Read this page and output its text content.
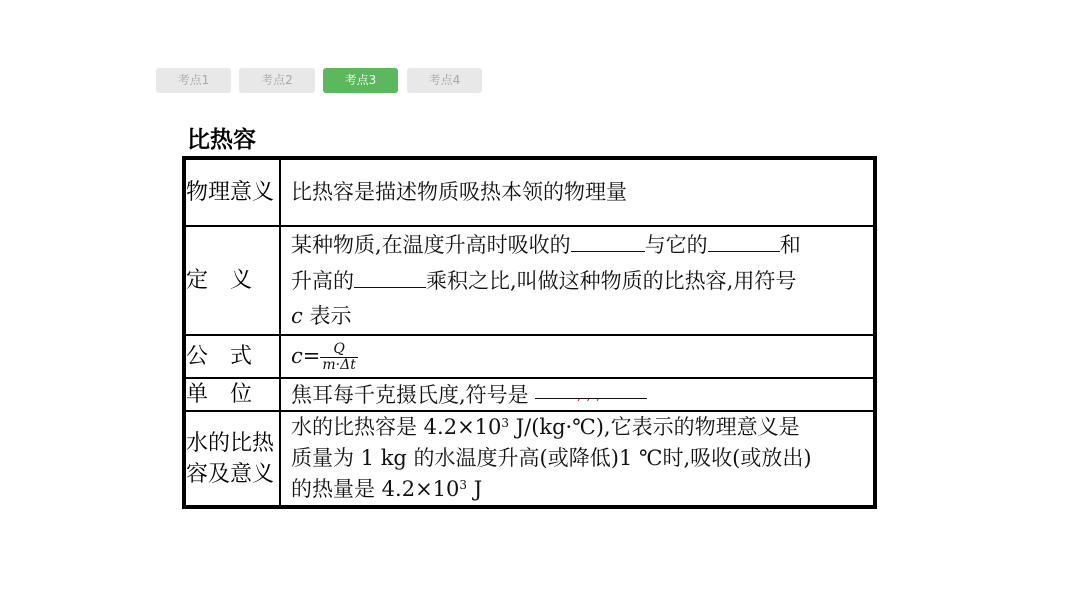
考点1	考点2	考点3	考点4
比热容
物理意义	比热容是描述物质吸热本领的物理量
定　义	某种物质,在温度升高时吸收的 与它的 和
升高的 乘积之比,叫做这种物质的比热容,用符号
c 表示
公　式	$c= \frac{Q}{m\cdot\Delta t}$

单　位	焦耳每千克摄氏度,符号是 ,,,
水的比热容及意义	水的比热容是 $4.2\times 10^3$ J/(kg·℃),它表示的物理意义是
质量为 1 kg 的水温度升高(或降低)1 ℃时,吸收(或放出)
的热量是 $4.2\times 10^3$ J
